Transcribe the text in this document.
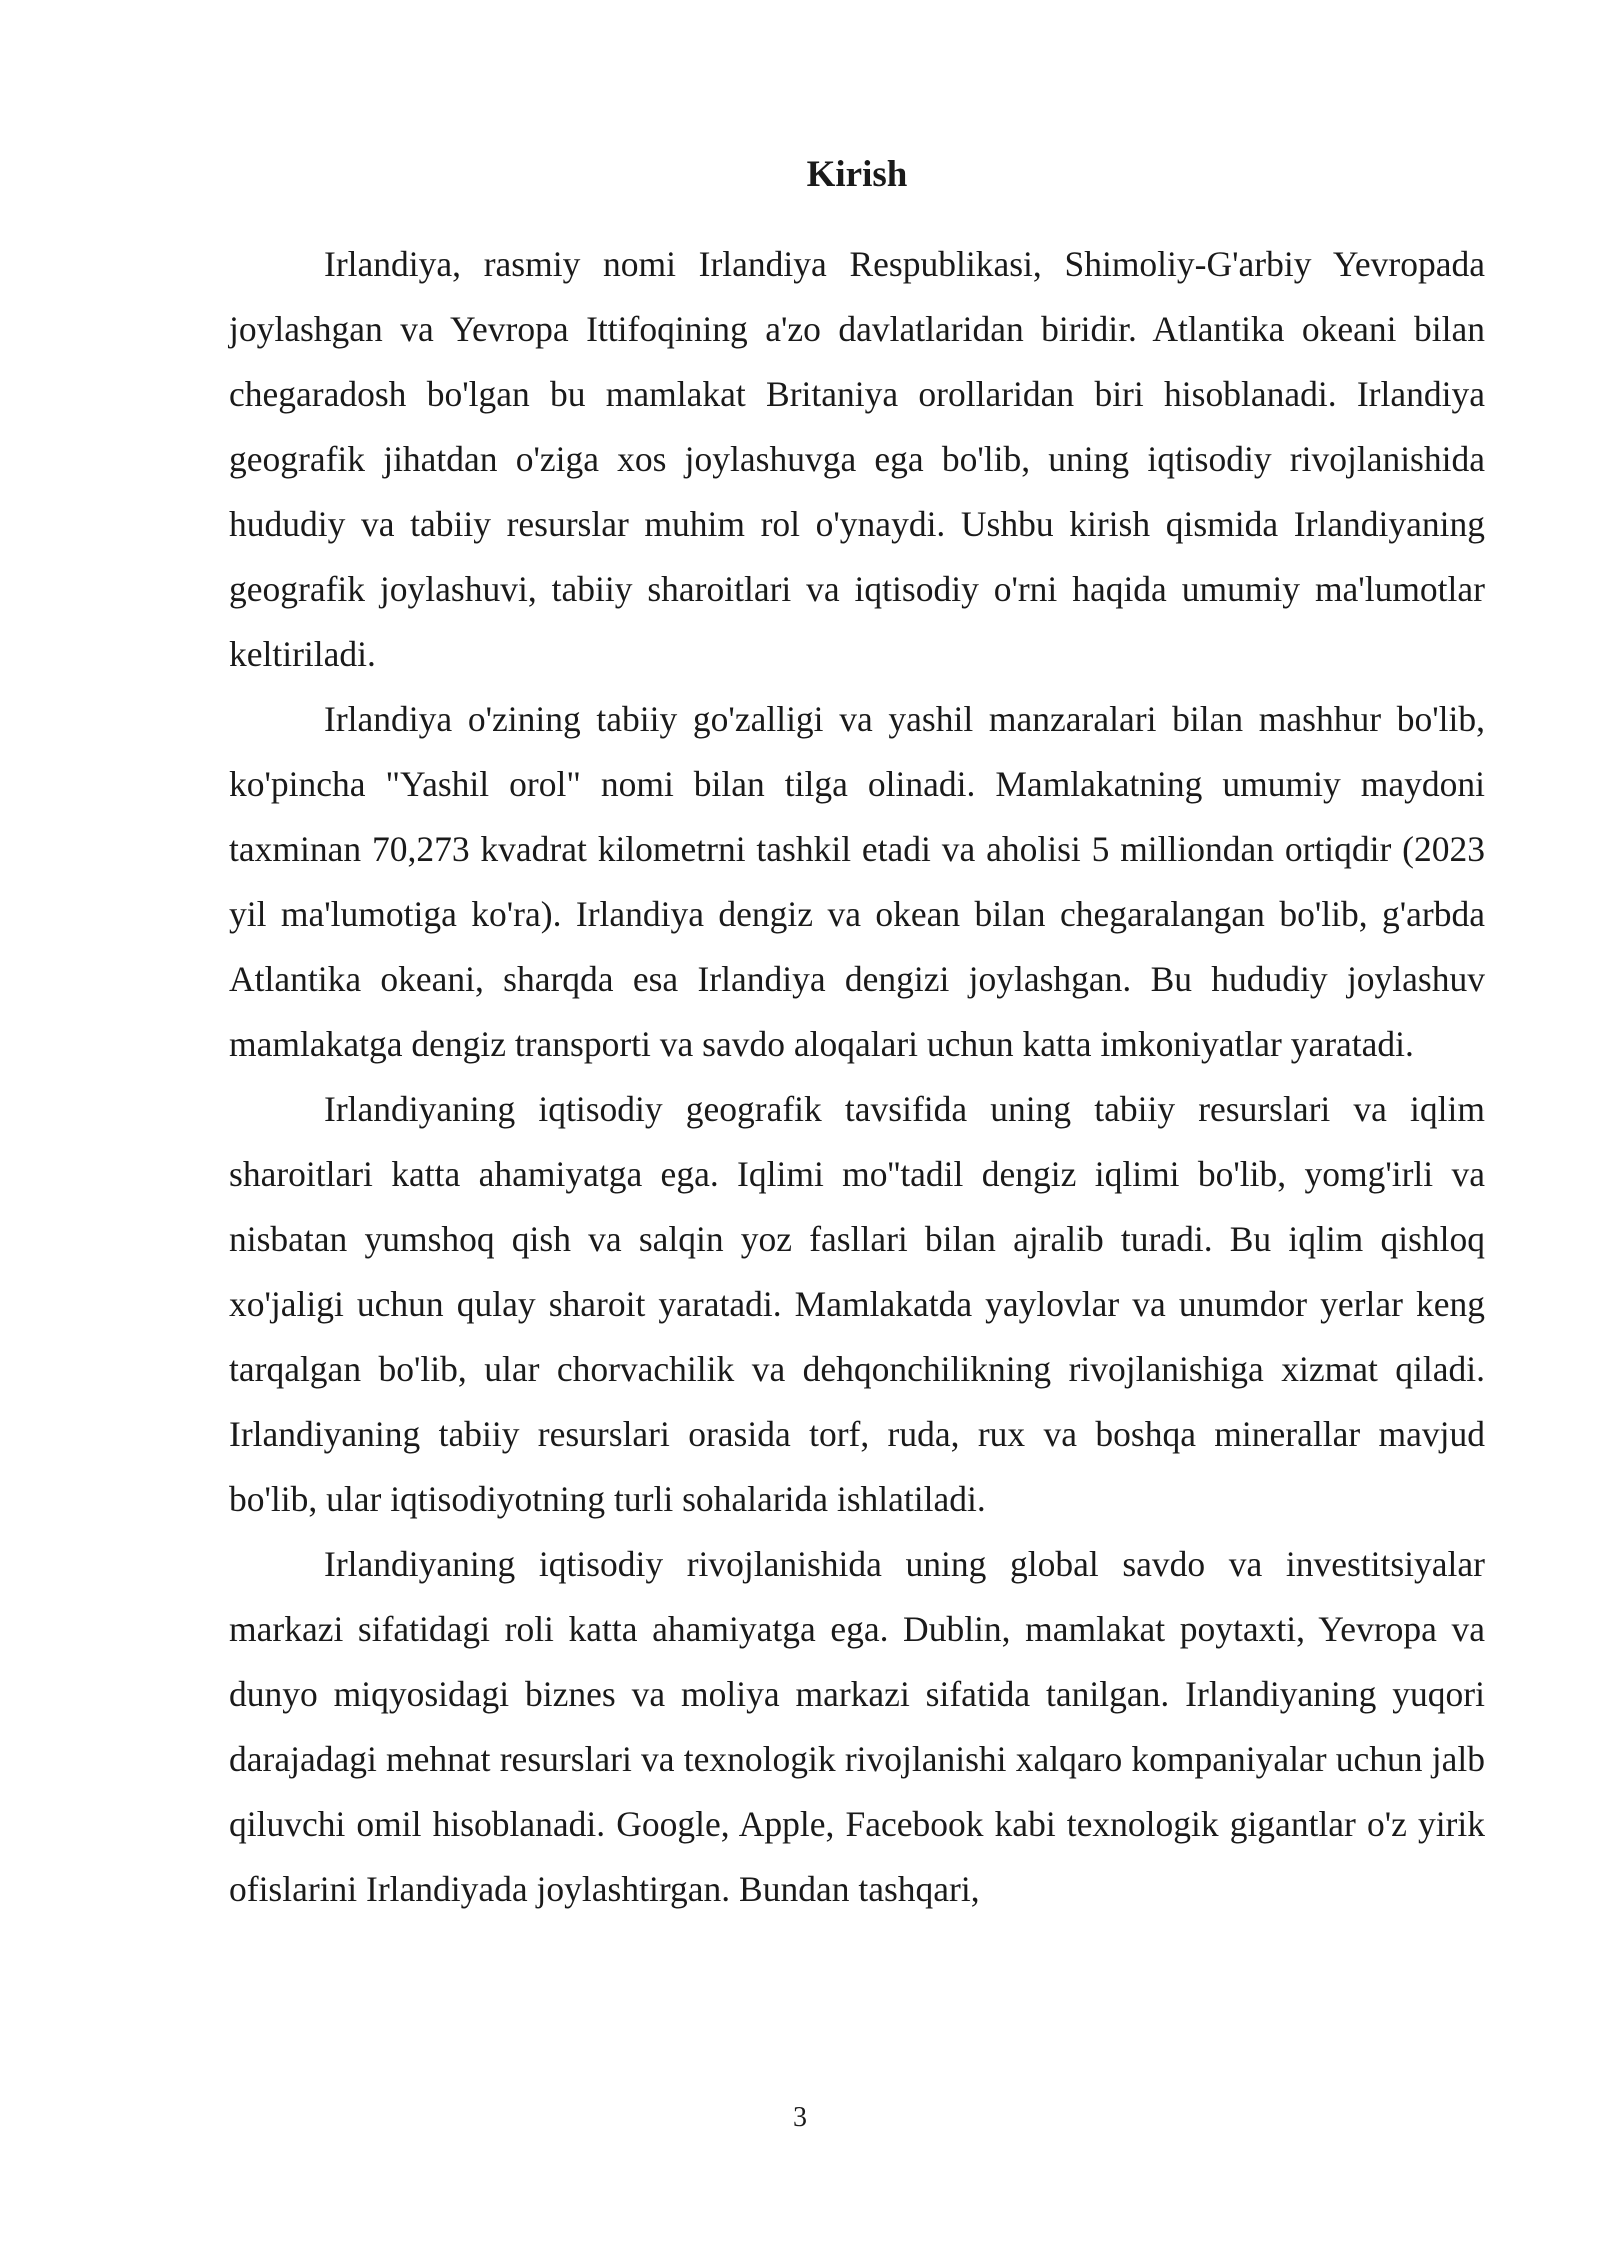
Kirish

Irlandiya, rasmiy nomi Irlandiya Respublikasi, Shimoliy-G'arbiy Yevropada joylashgan va Yevropa Ittifoqining a'zo davlatlaridan biridir. Atlantika okeani bilan chegaradosh bo'lgan bu mamlakat Britaniya orollaridan biri hisoblanadi. Irlandiya geografik jihatdan o'ziga xos joylashuvga ega bo'lib, uning iqtisodiy rivojlanishida hududiy va tabiiy resurslar muhim rol o'ynaydi. Ushbu kirish qismida Irlandiyaning geografik joylashuvi, tabiiy sharoitlari va iqtisodiy o'rni haqida umumiy ma'lumotlar keltiriladi.

Irlandiya o'zining tabiiy go'zalligi va yashil manzaralari bilan mashhur bo'lib, ko'pincha "Yashil orol" nomi bilan tilga olinadi. Mamlakatning umumiy maydoni taxminan 70,273 kvadrat kilometrni tashkil etadi va aholisi 5 milliondan ortiqdir (2023 yil ma'lumotiga ko'ra). Irlandiya dengiz va okean bilan chegaralangan bo'lib, g'arbda Atlantika okeani, sharqda esa Irlandiya dengizi joylashgan. Bu hududiy joylashuv mamlakatga dengiz transporti va savdo aloqalari uchun katta imkoniyatlar yaratadi.

Irlandiyaning iqtisodiy geografik tavsifida uning tabiiy resurslari va iqlim sharoitlari katta ahamiyatga ega. Iqlimi mo''tadil dengiz iqlimi bo'lib, yomg'irli va nisbatan yumshoq qish va salqin yoz fasllari bilan ajralib turadi. Bu iqlim qishloq xo'jaligi uchun qulay sharoit yaratadi. Mamlakatda yaylovlar va unumdor yerlar keng tarqalgan bo'lib, ular chorvachilik va dehqonchilikning rivojlanishiga xizmat qiladi. Irlandiyaning tabiiy resurslari orasida torf, ruda, rux va boshqa minerallar mavjud bo'lib, ular iqtisodiyotning turli sohalarida ishlatiladi.

Irlandiyaning iqtisodiy rivojlanishida uning global savdo va investitsiyalar markazi sifatidagi roli katta ahamiyatga ega. Dublin, mamlakat poytaxti, Yevropa va dunyo miqyosidagi biznes va moliya markazi sifatida tanilgan. Irlandiyaning yuqori darajadagi mehnat resurslari va texnologik rivojlanishi xalqaro kompaniyalar uchun jalb qiluvchi omil hisoblanadi. Google, Apple, Facebook kabi texnologik gigantlar o'z yirik ofislarini Irlandiyada joylashtirgan. Bundan tashqari,

3
